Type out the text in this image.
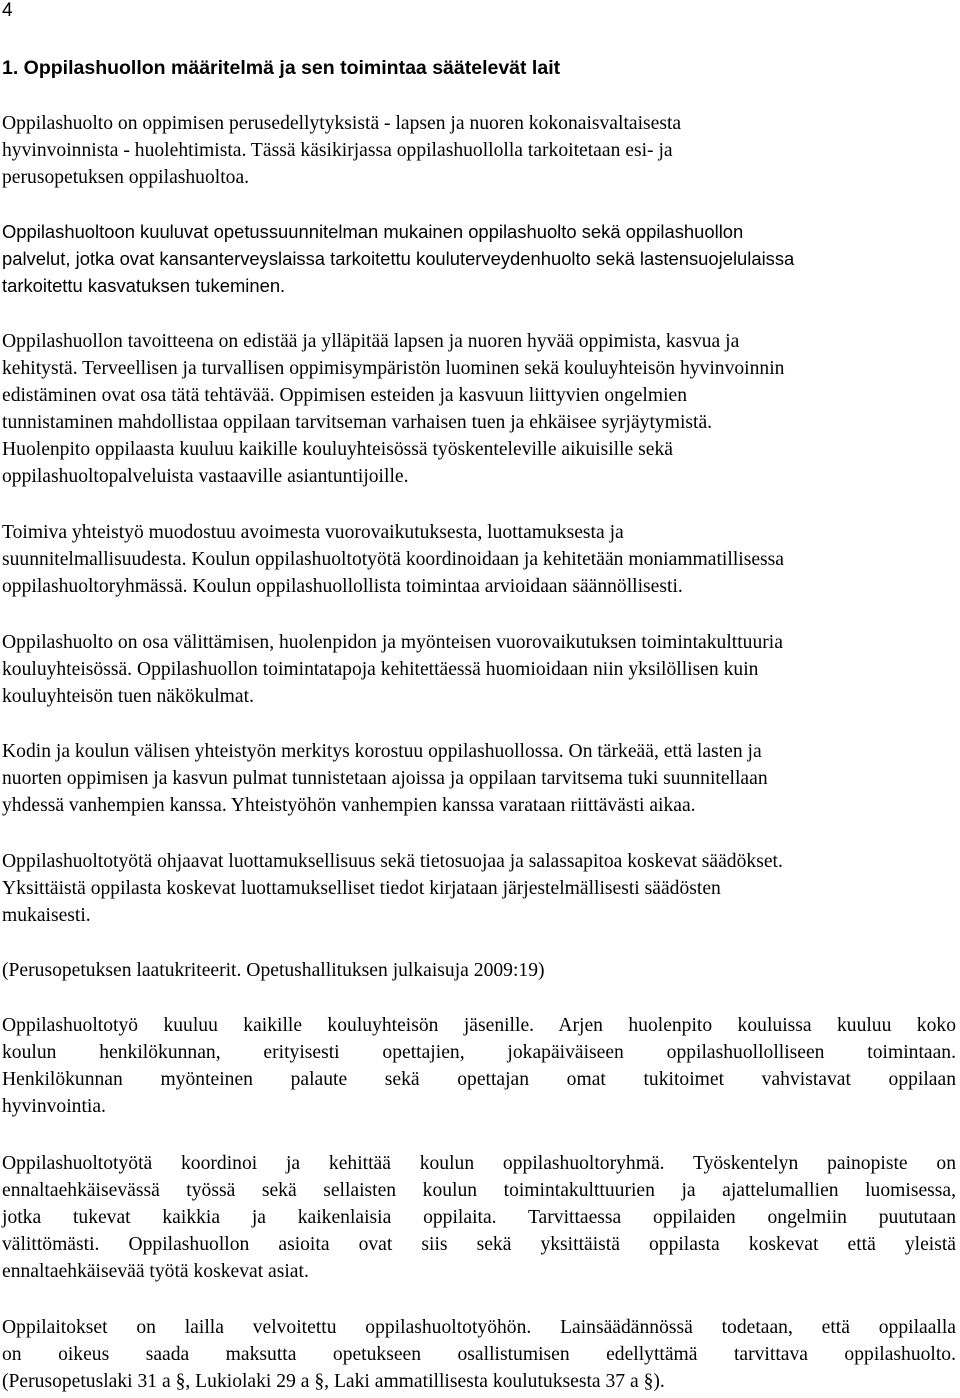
4
1. Oppilashuollon määritelmä ja sen toimintaa säätelevät lait
Oppilashuolto on oppimisen perusedellytyksistä - lapsen ja nuoren kokonaisvaltaisesta
hyvinvoinnista - huolehtimista. Tässä käsikirjassa oppilashuollolla tarkoitetaan esi- ja
perusopetuksen oppilashuoltoa.
Oppilashuoltoon kuuluvat opetussuunnitelman mukainen oppilashuolto sekä oppilashuollon
palvelut, jotka ovat kansanterveyslaissa tarkoitettu kouluterveydenhuolto sekä lastensuojelulaissa
tarkoitettu kasvatuksen tukeminen.
Oppilashuollon tavoitteena on edistää ja ylläpitää lapsen ja nuoren hyvää oppimista, kasvua ja
kehitystä. Terveellisen ja turvallisen oppimisympäristön luominen sekä kouluyhteisön hyvinvoinnin
edistäminen ovat osa tätä tehtävää. Oppimisen esteiden ja kasvuun liittyvien ongelmien
tunnistaminen mahdollistaa oppilaan tarvitseman varhaisen tuen ja ehkäisee syrjäytymistä.
Huolenpito oppilaasta kuuluu kaikille kouluyhteisössä työskenteleville aikuisille sekä
oppilashuoltopalveluista vastaaville asiantuntijoille.
Toimiva yhteistyö muodostuu avoimesta vuorovaikutuksesta, luottamuksesta ja
suunnitelmallisuudesta. Koulun oppilashuoltotyötä koordinoidaan ja kehitetään moniammatillisessa
oppilashuoltoryhmässä. Koulun oppilashuollollista toimintaa arvioidaan säännöllisesti.
Oppilashuolto on osa välittämisen, huolenpidon ja myönteisen vuorovaikutuksen toimintakulttuuria
kouluyhteisössä. Oppilashuollon toimintatapoja kehitettäessä huomioidaan niin yksilöllisen kuin
kouluyhteisön tuen näkökulmat.
Kodin ja koulun välisen yhteistyön merkitys korostuu oppilashuollossa. On tärkeää, että lasten ja
nuorten oppimisen ja kasvun pulmat tunnistetaan ajoissa ja oppilaan tarvitsema tuki suunnitellaan
yhdessä vanhempien kanssa. Yhteistyöhön vanhempien kanssa varataan riittävästi aikaa.
Oppilashuoltotyötä ohjaavat luottamuksellisuus sekä tietosuojaa ja salassapitoa koskevat säädökset.
Yksittäistä oppilasta koskevat luottamukselliset tiedot kirjataan järjestelmällisesti säädösten
mukaisesti.
(Perusopetuksen laatukriteerit. Opetushallituksen julkaisuja 2009:19)
Oppilashuoltotyö kuuluu kaikille kouluyhteisön jäsenille. Arjen huolenpito kouluissa kuuluu koko
koulun henkilökunnan, erityisesti opettajien, jokapäiväiseen oppilashuollolliseen toimintaan.
Henkilökunnan myönteinen palaute sekä opettajan omat tukitoimet vahvistavat oppilaan
hyvinvointia.
Oppilashuoltotyötä koordinoi ja kehittää koulun oppilashuoltoryhmä. Työskentelyn painopiste on
ennaltaehkäisevässä työssä sekä sellaisten koulun toimintakulttuurien ja ajattelumallien luomisessa,
jotka tukevat kaikkia ja kaikenlaisia oppilaita. Tarvittaessa oppilaiden ongelmiin puututaan
välittömästi. Oppilashuollon asioita ovat siis sekä yksittäistä oppilasta koskevat että yleistä
ennaltaehkäisevää työtä koskevat asiat.
Oppilaitokset on lailla velvoitettu oppilashuoltotyöhön. Lainsäädännössä todetaan, että oppilaalla
on oikeus saada maksutta opetukseen osallistumisen edellyttämä tarvittava oppilashuolto.
(Perusopetuslaki 31 a §, Lukiolaki 29 a §, Laki ammatillisesta koulutuksesta 37 a §).
